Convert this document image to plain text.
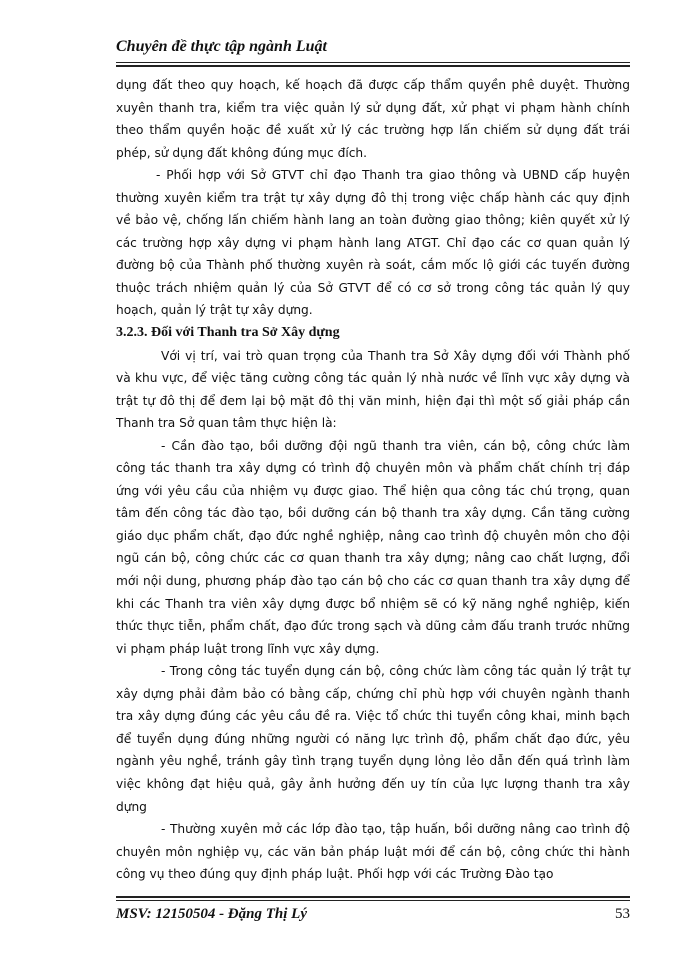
Chuyên đề thực tập ngành Luật

dụng đất theo quy hoạch, kế hoạch đã được cấp thẩm quyền phê duyệt. Thường xuyên thanh tra, kiểm tra việc quản lý sử dụng đất, xử phạt vi phạm hành chính theo thẩm quyền hoặc đề xuất xử lý các trường hợp lấn chiếm sử dụng đất trái phép, sử dụng đất không đúng mục đích.

- Phối hợp với Sở GTVT chỉ đạo Thanh tra giao thông và UBND cấp huyện thường xuyên kiểm tra trật tự xây dựng đô thị trong việc chấp hành các quy định về bảo vệ, chống lấn chiếm hành lang an toàn đường giao thông; kiên quyết xử lý các trường hợp xây dựng vi phạm hành lang ATGT. Chỉ đạo các cơ quan quản lý đường bộ của Thành phố thường xuyên rà soát, cắm mốc lộ giới các tuyến đường thuộc trách nhiệm quản lý của Sở GTVT để có cơ sở trong công tác quản lý quy hoạch, quản lý trật tự xây dựng.

3.2.3. Đối với Thanh tra Sở Xây dựng

Với vị trí, vai trò quan trọng của Thanh tra Sở Xây dựng đối với Thành phố và khu vực, để việc tăng cường công tác quản lý nhà nước về lĩnh vực xây dựng và trật tự đô thị để đem lại bộ mặt đô thị văn minh, hiện đại thì một số giải pháp cần Thanh tra Sở quan tâm thực hiện là:

- Cần đào tạo, bồi dưỡng đội ngũ thanh tra viên, cán bộ, công chức làm công tác thanh tra xây dựng có trình độ chuyên môn và phẩm chất chính trị đáp ứng với yêu cầu của nhiệm vụ được giao. Thể hiện qua công tác chú trọng, quan tâm đến công tác đào tạo, bồi dưỡng cán bộ thanh tra xây dựng. Cần tăng cường giáo dục phẩm chất, đạo đức nghề nghiệp, nâng cao trình độ chuyên môn cho đội ngũ cán bộ, công chức các cơ quan thanh tra xây dựng; nâng cao chất lượng, đổi mới nội dung, phương pháp đào tạo cán bộ cho các cơ quan thanh tra xây dựng để khi các Thanh tra viên xây dựng được bổ nhiệm sẽ có kỹ năng nghề nghiệp, kiến thức thực tiễn, phẩm chất, đạo đức trong sạch và dũng cảm đấu tranh trước những vi phạm pháp luật trong lĩnh vực xây dựng.

- Trong công tác tuyển dụng cán bộ, công chức làm công tác quản lý trật tự xây dựng phải đảm bảo có bằng cấp, chứng chỉ phù hợp với chuyên ngành thanh tra xây dựng đúng các yêu cầu đề ra. Việc tổ chức thi tuyển công khai, minh bạch để tuyển dụng đúng những người có năng lực trình độ, phẩm chất đạo đức, yêu ngành yêu nghề, tránh gây tình trạng tuyển dụng lỏng lẻo dẫn đến quá trình làm việc không đạt hiệu quả, gây ảnh hưởng đến uy tín của lực lượng thanh tra xây dựng

- Thường xuyên mở các lớp đào tạo, tập huấn, bồi dưỡng nâng cao trình độ chuyên môn nghiệp vụ, các văn bản pháp luật mới để cán bộ, công chức thi hành công vụ theo đúng quy định pháp luật. Phối hợp với các Trường Đào tạo

MSV: 12150504 - Đặng Thị Lý	53
